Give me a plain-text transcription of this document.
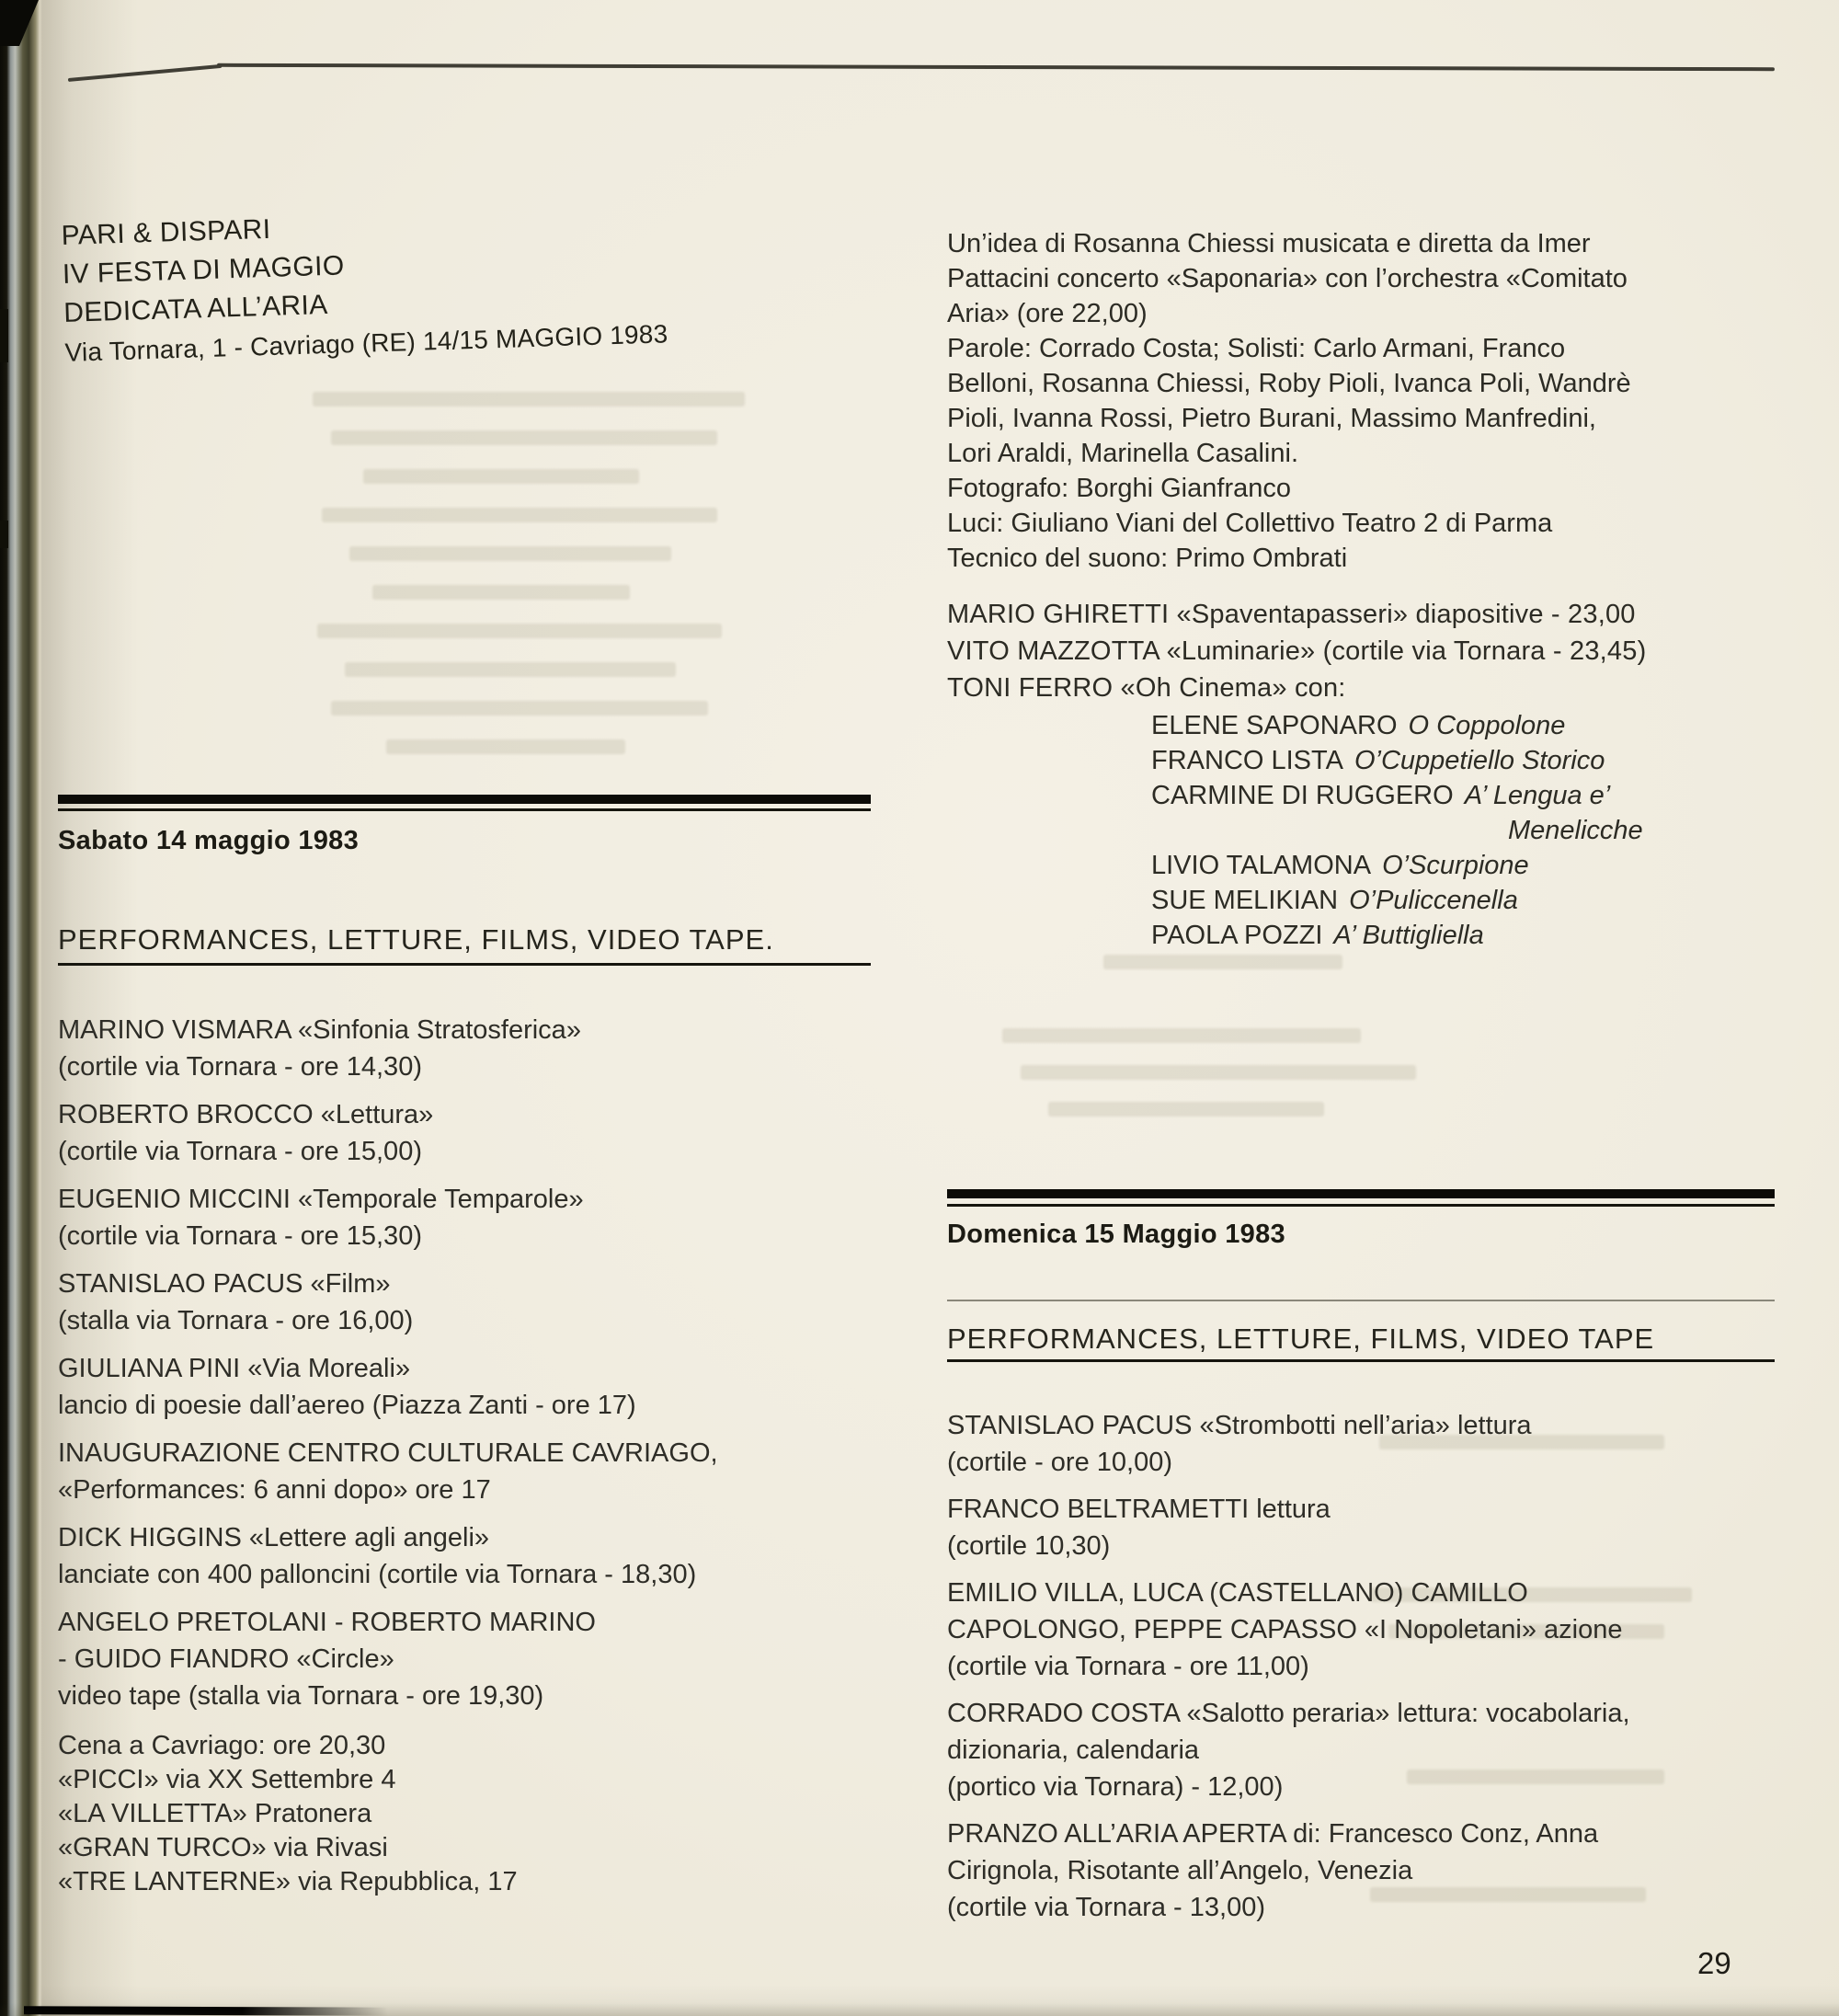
PARI & DISPARI
IV FESTA DI MAGGIO
DEDICATA ALL’ARIA
Via Tornara, 1 - Cavriago (RE) 14/15 MAGGIO 1983
Un’idea di Rosanna Chiessi musicata e diretta da Imer
Pattacini concerto «Saponaria» con l’orchestra «Comitato
Aria» (ore 22,00)
Parole: Corrado Costa; Solisti: Carlo Armani, Franco
Belloni, Rosanna Chiessi, Roby Pioli, Ivanca Poli, Wandrè
Pioli, Ivanna Rossi, Pietro Burani, Massimo Manfredini,
Lori Araldi, Marinella Casalini.
Fotografo: Borghi Gianfranco
Luci: Giuliano Viani del Collettivo Teatro 2 di Parma
Tecnico del suono: Primo Ombrati
MARIO GHIRETTI «Spaventapasseri» diapositive - 23,00
VITO MAZZOTTA «Luminarie» (cortile via Tornara - 23,45)
TONI FERRO «Oh Cinema» con:
ELENE SAPONARO O Coppolone
FRANCO LISTA O’Cuppetiello Storico
CARMINE DI RUGGERO A’ Lengua e’
Menelicche
LIVIO TALAMONA O’Scurpione
SUE MELIKIAN O’Puliccenella
PAOLA POZZI A’ Buttigliella
Sabato 14 maggio 1983
PERFORMANCES, LETTURE, FILMS, VIDEO TAPE.
MARINO VISMARA «Sinfonia Stratosferica»
(cortile via Tornara - ore 14,30)
ROBERTO BROCCO «Lettura»
(cortile via Tornara - ore 15,00)
EUGENIO MICCINI «Temporale Temparole»
(cortile via Tornara - ore 15,30)
STANISLAO PACUS «Film»
(stalla via Tornara - ore 16,00)
GIULIANA PINI «Via Moreali»
lancio di poesie dall’aereo (Piazza Zanti - ore 17)
INAUGURAZIONE CENTRO CULTURALE CAVRIAGO,
«Performances: 6 anni dopo» ore 17
DICK HIGGINS «Lettere agli angeli»
lanciate con 400 palloncini (cortile via Tornara - 18,30)
ANGELO PRETOLANI - ROBERTO MARINO
- GUIDO FIANDRO «Circle»
video tape (stalla via Tornara - ore 19,30)
Cena a Cavriago: ore 20,30
«PICCI» via XX Settembre 4
«LA VILLETTA» Pratonera
«GRAN TURCO» via Rivasi
«TRE LANTERNE» via Repubblica, 17
Domenica 15 Maggio 1983
PERFORMANCES, LETTURE, FILMS, VIDEO TAPE
STANISLAO PACUS «Strombotti nell’aria» lettura
(cortile - ore 10,00)
FRANCO BELTRAMETTI lettura
(cortile 10,30)
EMILIO VILLA, LUCA (CASTELLANO) CAMILLO
CAPOLONGO, PEPPE CAPASSO «I Nopoletani» azione
(cortile via Tornara - ore 11,00)
CORRADO COSTA «Salotto peraria» lettura: vocabolaria,
dizionaria, calendaria
(portico via Tornara) - 12,00)
PRANZO ALL’ARIA APERTA di: Francesco Conz, Anna
Cirignola, Risotante all’Angelo, Venezia
(cortile via Tornara - 13,00)
29
